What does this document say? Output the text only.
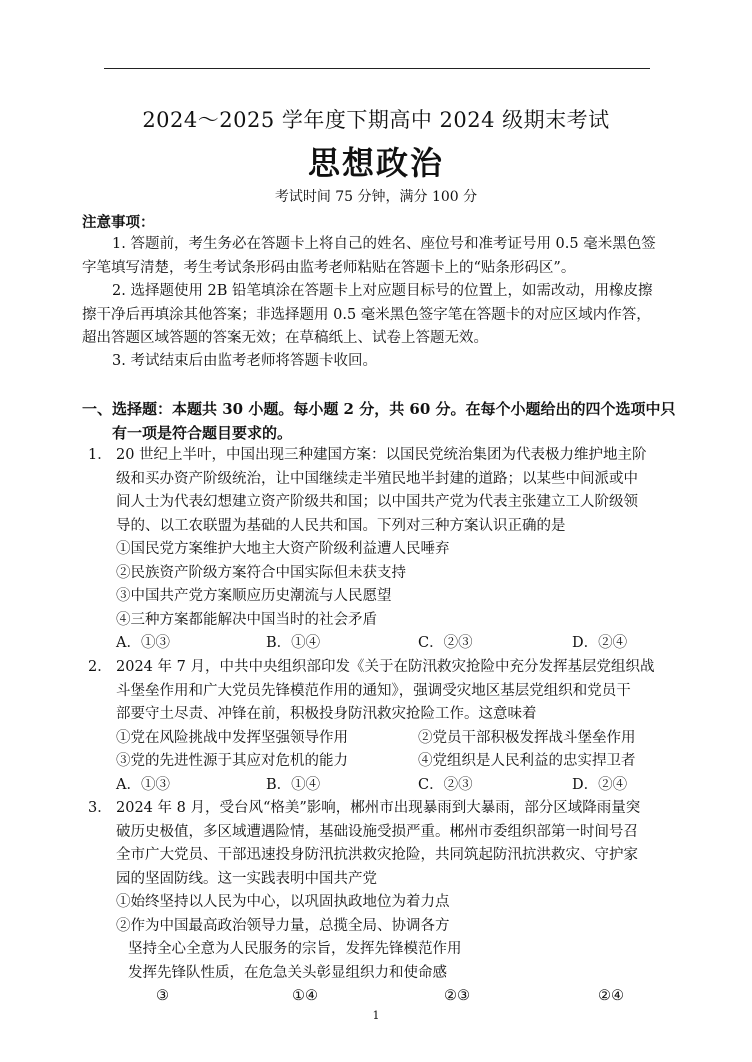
2024～2025 学年度下期高中 2024 级期末考试
思想政治
考试时间 75 分钟，满分 100 分
注意事项：
1. 答题前，考生务必在答题卡上将自己的姓名、座位号和准考证号用 0.5 毫米黑色签
字笔填写清楚，考生考试条形码由监考老师粘贴在答题卡上的“贴条形码区”。
2. 选择题使用 2B 铅笔填涂在答题卡上对应题目标号的位置上，如需改动，用橡皮擦
擦干净后再填涂其他答案；非选择题用 0.5 毫米黑色签字笔在答题卡的对应区域内作答，
超出答题区域答题的答案无效；在草稿纸上、试卷上答题无效。
3. 考试结束后由监考老师将答题卡收回。
一、选择题：本题共 30 小题。每小题 2 分，共 60 分。在每个小题给出的四个选项中只
有一项是符合题目要求的。
1． 20 世纪上半叶，中国出现三种建国方案：以国民党统治集团为代表极力维护地主阶
级和买办资产阶级统治，让中国继续走半殖民地半封建的道路；以某些中间派或中
间人士为代表幻想建立资产阶级共和国；以中国共产党为代表主张建立工人阶级领
导的、以工农联盟为基础的人民共和国。下列对三种方案认识正确的是
①国民党方案维护大地主大资产阶级利益遭人民唾弃
②民族资产阶级方案符合中国实际但未获支持
③中国共产党方案顺应历史潮流与人民愿望
④三种方案都能解决中国当时的社会矛盾
A．①③	B．①④	C．②③	D．②④
2． 2024 年 7 月，中共中央组织部印发《关于在防汛救灾抢险中充分发挥基层党组织战
斗堡垒作用和广大党员先锋模范作用的通知》，强调受灾地区基层党组织和党员干
部要守土尽责、冲锋在前，积极投身防汛救灾抢险工作。这意味着
①党在风险挑战中发挥坚强领导作用	②党员干部积极发挥战斗堡垒作用
③党的先进性源于其应对危机的能力	④党组织是人民利益的忠实捍卫者
A．①③	B．①④	C．②③	D．②④
3． 2024 年 8 月，受台风“格美”影响，郴州市出现暴雨到大暴雨，部分区域降雨量突
破历史极值，多区域遭遇险情，基础设施受损严重。郴州市委组织部第一时间号召
全市广大党员、干部迅速投身防汛抗洪救灾抢险，共同筑起防汛抗洪救灾、守护家
园的坚固防线。这一实践表明中国共产党
①始终坚持以人民为中心，以巩固执政地位为着力点
②作为中国最高政治领导力量，总揽全局、协调各方
坚持全心全意为人民服务的宗旨，发挥先锋模范作用
发挥先锋队性质，在危急关头彰显组织力和使命感
③	①④	②③	②④
1
